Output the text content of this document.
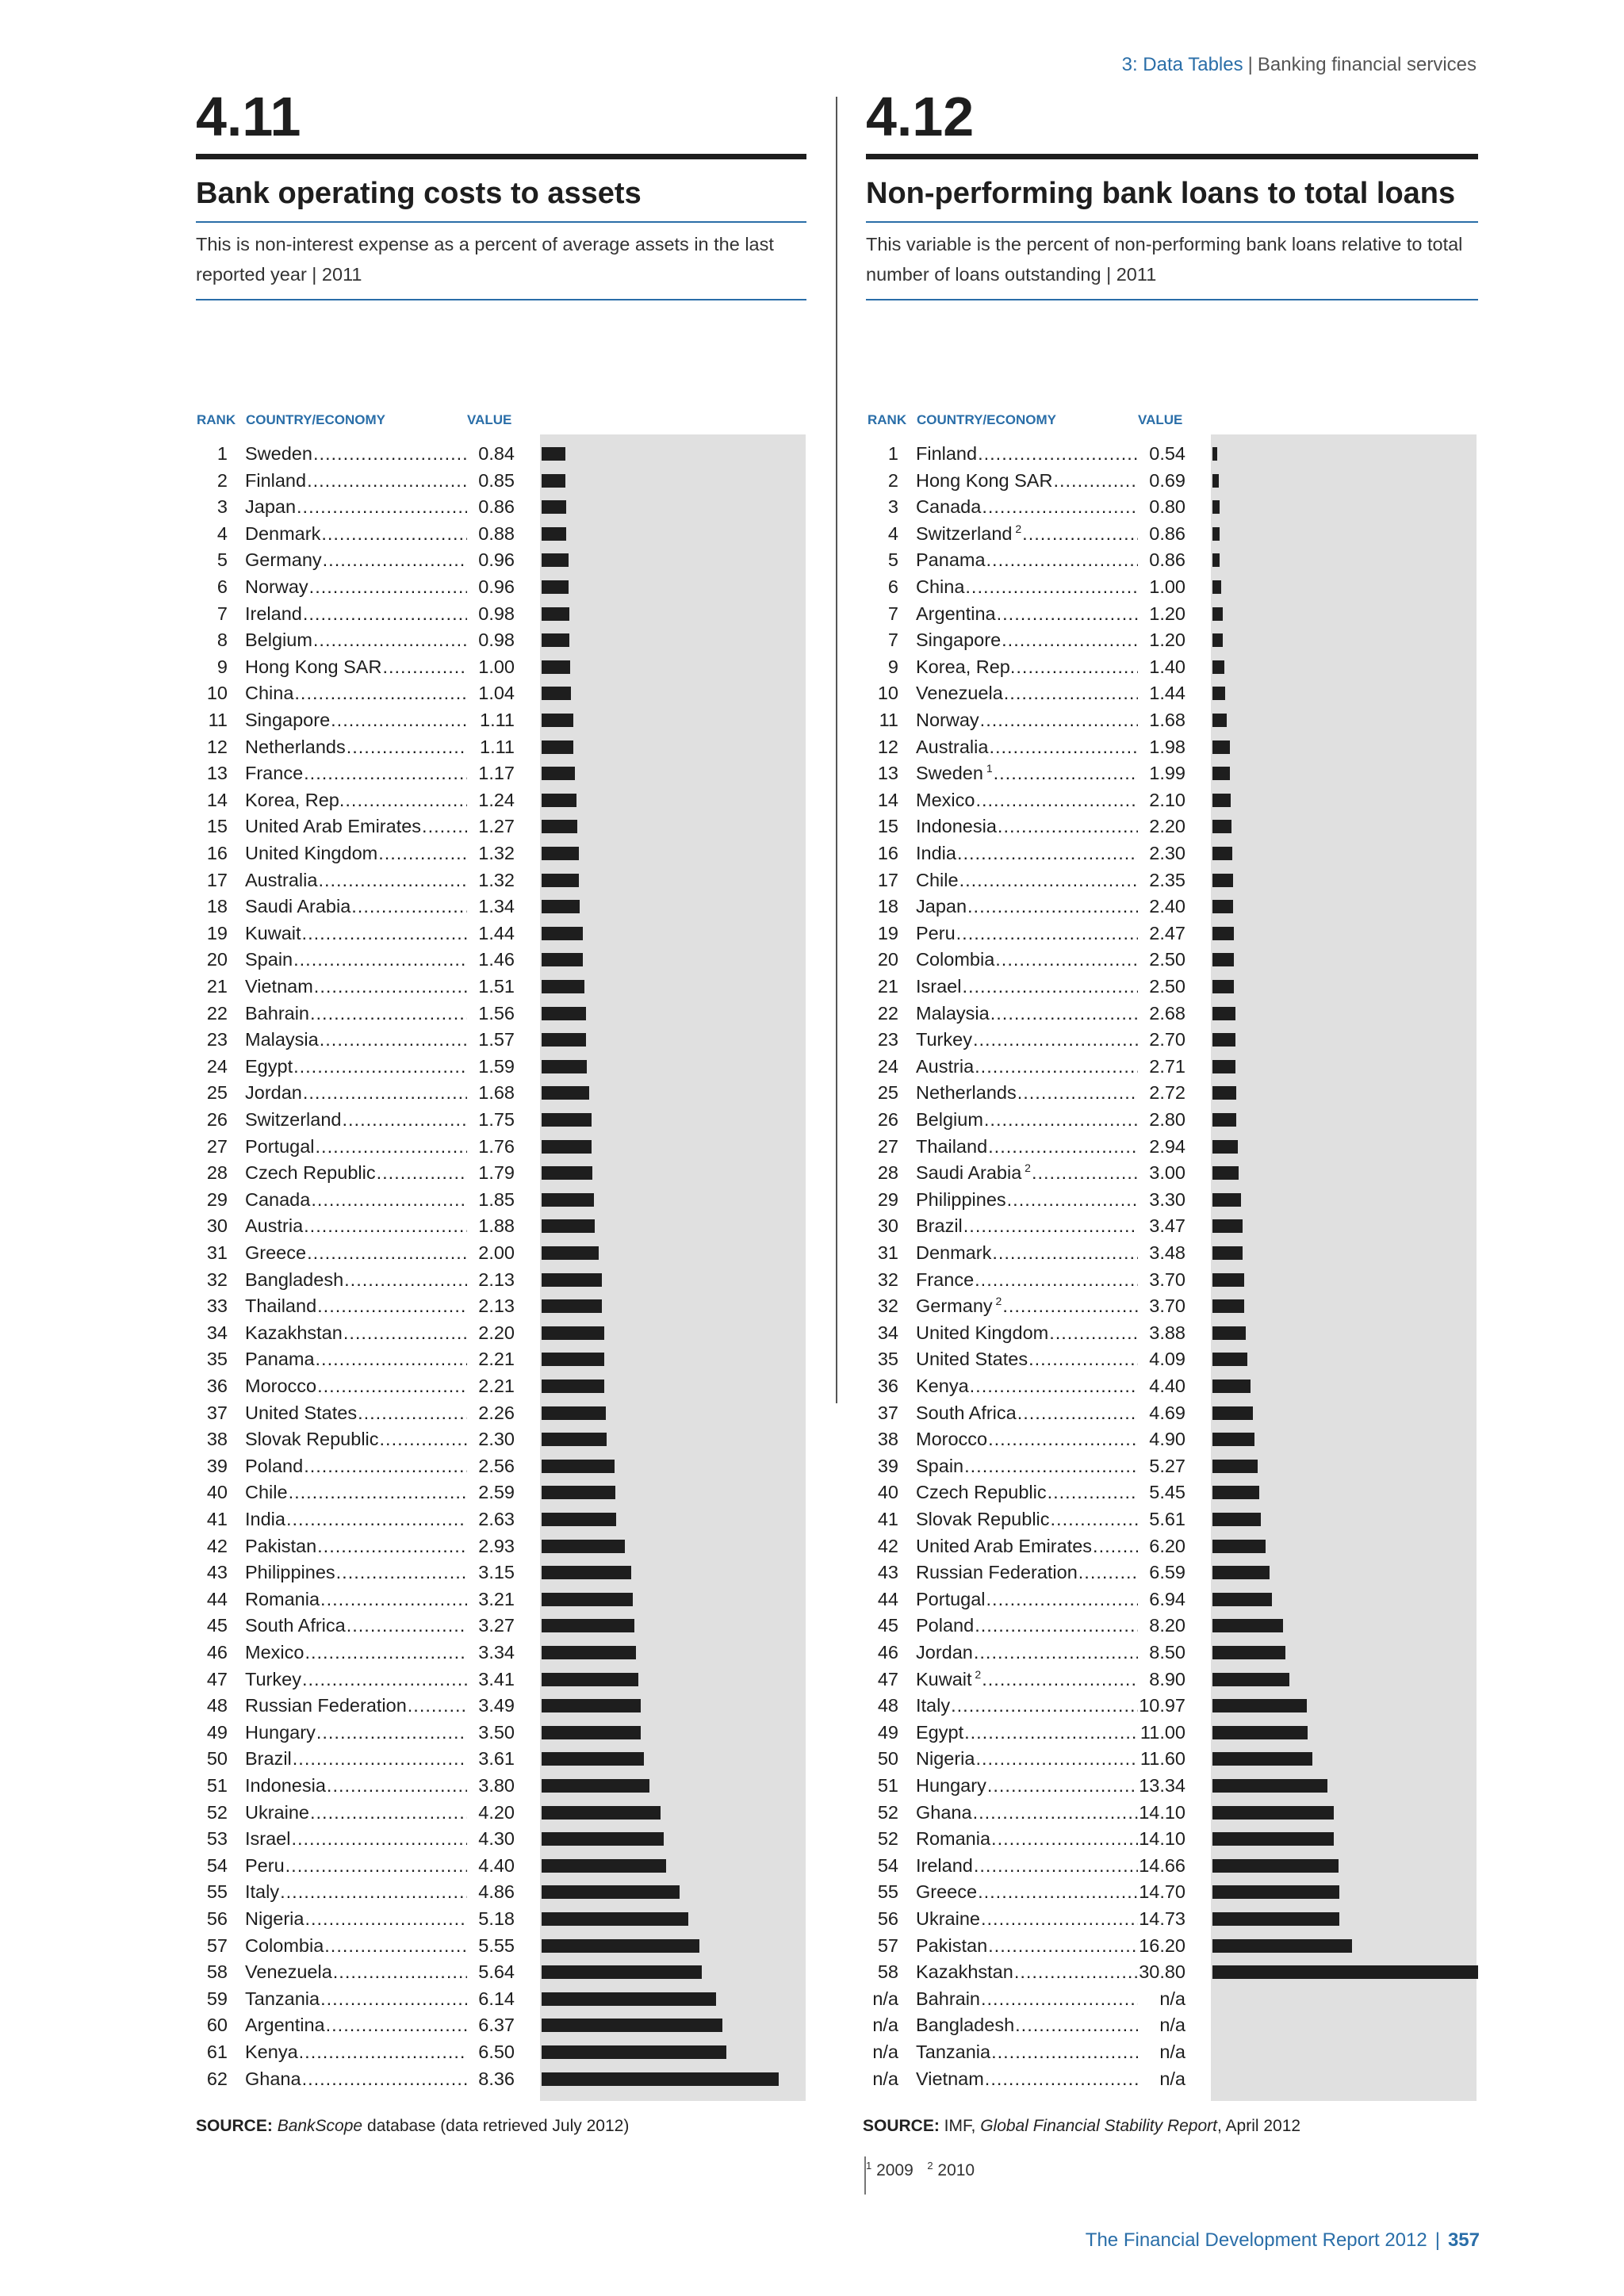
3: Data Tables | Banking financial services
4.11
Bank operating costs to assets
This is non-interest expense as a percent of average assets in the last reported year | 2011
4.12
Non-performing bank loans to total loans
This variable is the percent of non-performing bank loans relative to total number of loans outstanding | 2011
RANK COUNTRY/ECONOMY	VALUE	RANK COUNTRY/ECONOMY	VALUE
1 Sweden .....	0.84
2 Finland .....	0.85
3 Japan .....	0.86
4 Denmark .....	0.88
5 Germany .....	0.96
6 Norway .....	0.96
7 Ireland .....	0.98
8 Belgium .....	0.98
9 Hong Kong SAR .....	1.00
10 China .....	1.04
11 Singapore .....	1.11
12 Netherlands .....	1.11
13 France .....	1.17
14 Korea, Rep. .....	1.24
15 United Arab Emirates .....	1.27
16 United Kingdom .....	1.32
17 Australia .....	1.32
18 Saudi Arabia .....	1.34
19 Kuwait .....	1.44
20 Spain .....	1.46
21 Vietnam .....	1.51
22 Bahrain .....	1.56
23 Malaysia .....	1.57
24 Egypt .....	1.59
25 Jordan .....	1.68
26 Switzerland .....	1.75
27 Portugal .....	1.76
28 Czech Republic .....	1.79
29 Canada .....	1.85
30 Austria .....	1.88
31 Greece .....	2.00
32 Bangladesh .....	2.13
33 Thailand .....	2.13
34 Kazakhstan .....	2.20
35 Panama .....	2.21
36 Morocco .....	2.21
37 United States .....	2.26
38 Slovak Republic .....	2.30
39 Poland .....	2.56
40 Chile .....	2.59
41 India .....	2.63
42 Pakistan .....	2.93
43 Philippines .....	3.15
44 Romania .....	3.21
45 South Africa .....	3.27
46 Mexico .....	3.34
47 Turkey .....	3.41
48 Russian Federation .....	3.49
49 Hungary .....	3.50
50 Brazil .....	3.61
51 Indonesia .....	3.80
52 Ukraine .....	4.20
53 Israel .....	4.30
54 Peru .....	4.40
55 Italy .....	4.86
56 Nigeria .....	5.18
57 Colombia .....	5.55
58 Venezuela .....	5.64
59 Tanzania .....	6.14
60 Argentina .....	6.37
61 Kenya .....	6.50
62 Ghana .....	8.36
1 Finland .....	0.54
2 Hong Kong SAR .....	0.69
3 Canada .....	0.80
4 Switzerland $^2$ .....	0.86
5 Panama .....	0.86
6 China .....	1.00
7 Argentina .....	1.20
7 Singapore .....	1.20
9 Korea, Rep. .....	1.40
10 Venezuela .....	1.44
11 Norway .....	1.68
12 Australia .....	1.98
13 Sweden $^1$ .....	1.99
14 Mexico .....	2.10
15 Indonesia .....	2.20
16 India .....	2.30
17 Chile .....	2.35
18 Japan .....	2.40
19 Peru .....	2.47
20 Colombia .....	2.50
21 Israel .....	2.50
22 Malaysia .....	2.68
23 Turkey .....	2.70
24 Austria .....	2.71
25 Netherlands .....	2.72
26 Belgium .....	2.80
27 Thailand .....	2.94
28 Saudi Arabia $^2$ .....	3.00
29 Philippines .....	3.30
30 Brazil .....	3.47
31 Denmark .....	3.48
32 France .....	3.70
32 Germany $^2$ .....	3.70
34 United Kingdom .....	3.88
35 United States .....	4.09
36 Kenya .....	4.40
37 South Africa .....	4.69
38 Morocco .....	4.90
39 Spain .....	5.27
40 Czech Republic .....	5.45
41 Slovak Republic .....	5.61
42 United Arab Emirates .....	6.20
43 Russian Federation .....	6.59
44 Portugal .....	6.94
45 Poland .....	8.20
46 Jordan .....	8.50
47 Kuwait $^2$ .....	8.90
48 Italy .....	10.97
49 Egypt .....	11.00
50 Nigeria .....	11.60
51 Hungary .....	13.34
52 Ghana .....	14.10
52 Romania .....	14.10
54 Ireland .....	14.66
55 Greece .....	14.70
56 Ukraine .....	14.73
57 Pakistan .....	16.20
58 Kazakhstan .....	30.80
n/a Bahrain .....	n/a
n/a Bangladesh .....	n/a
n/a Tanzania .....	n/a
n/a Vietnam .....	n/a
SOURCE: BankScope database (data retrieved July 2012)	SOURCE: IMF, Global Financial Stability Report, April 2012
$^1$ 2009 $^2$ 2010
The Financial Development Report 2012 | 357
